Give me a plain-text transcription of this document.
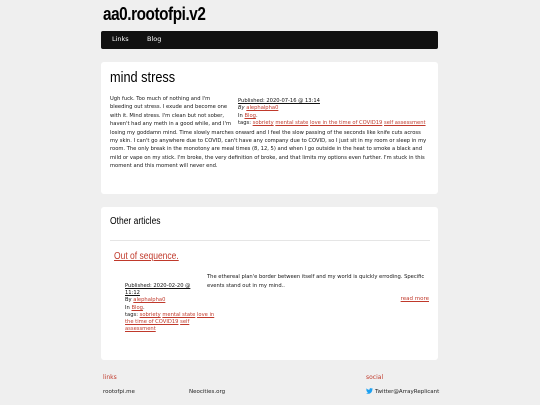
aa0.rootofpi.v2
Links	Blog
mind stress
Published: 2020-07-16 @ 13:14
By alephalpha0
In Blog.
tags: sobriety mental state love in the time of COVID19 self assessment
Ugh fuck. Too much of nothing and I'm bleeding out stress. I exude and become one with it. Mind stress. I'm clean but not sober, haven't had any meth in a good while, and I'm losing my goddamn mind. Time slowly marches onward and I feel the slow passing of the seconds like knife cuts across my skin. I can't go anywhere due to COVID, can't have any company due to COVID, so I just sit in my room or sleep in my room. The only break in the monotony are meal times (8, 12, 5) and when I go outside in the heat to smoke a black and mild or vape on my stick. I'm broke, the very definition of broke, and that limits my options even further. I'm stuck in this moment and this moment will never end.
Other articles
Out of sequence.
Published: 2020-02-20 @
11:12
By alephalpha0
In Blog.
tags: sobriety mental state love in the time of COVID19 self assessment
The ethereal plan'e border between itself and my world is quickly erroding. Specific events stand out in my mind..
read more
links
rootofpi.me	Neocities.org
social
Twitter@ArrayReplicant
